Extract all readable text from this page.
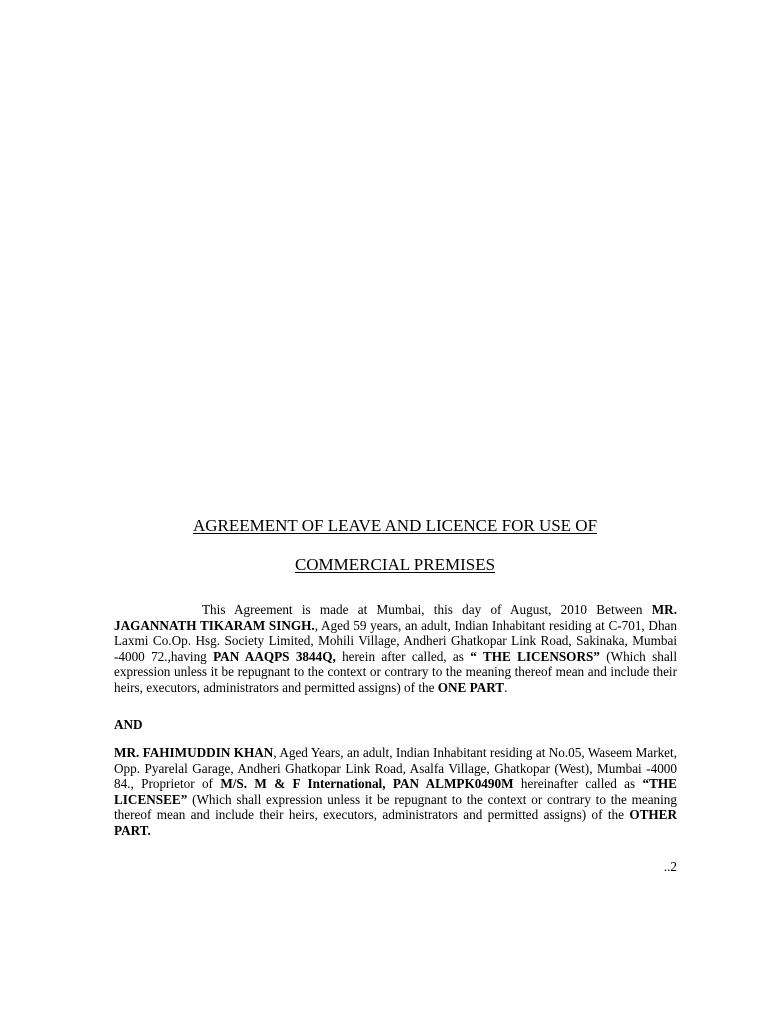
AGREEMENT OF LEAVE AND LICENCE FOR USE OF
COMMERCIAL PREMISES
This Agreement is made at Mumbai, this day of August, 2010 Between MR. JAGANNATH TIKARAM SINGH., Aged 59 years, an adult, Indian Inhabitant residing at C-701, Dhan Laxmi Co.Op. Hsg. Society Limited, Mohili Village, Andheri Ghatkopar Link Road, Sakinaka, Mumbai -4000 72.,having PAN AAQPS 3844Q, herein after called, as “ THE LICENSORS” (Which shall expression unless it be repugnant to the context or contrary to the meaning thereof mean and include their heirs, executors, administrators and permitted assigns) of the ONE PART.
AND
MR. FAHIMUDDIN KHAN, Aged Years, an adult, Indian Inhabitant residing at No.05, Waseem Market, Opp. Pyarelal Garage, Andheri Ghatkopar Link Road, Asalfa Village, Ghatkopar (West), Mumbai -4000 84., Proprietor of M/S. M & F International, PAN ALMPK0490M hereinafter called as “THE LICENSEE” (Which shall expression unless it be repugnant to the context or contrary to the meaning thereof mean and include their heirs, executors, administrators and permitted assigns) of the OTHER PART.
..2
